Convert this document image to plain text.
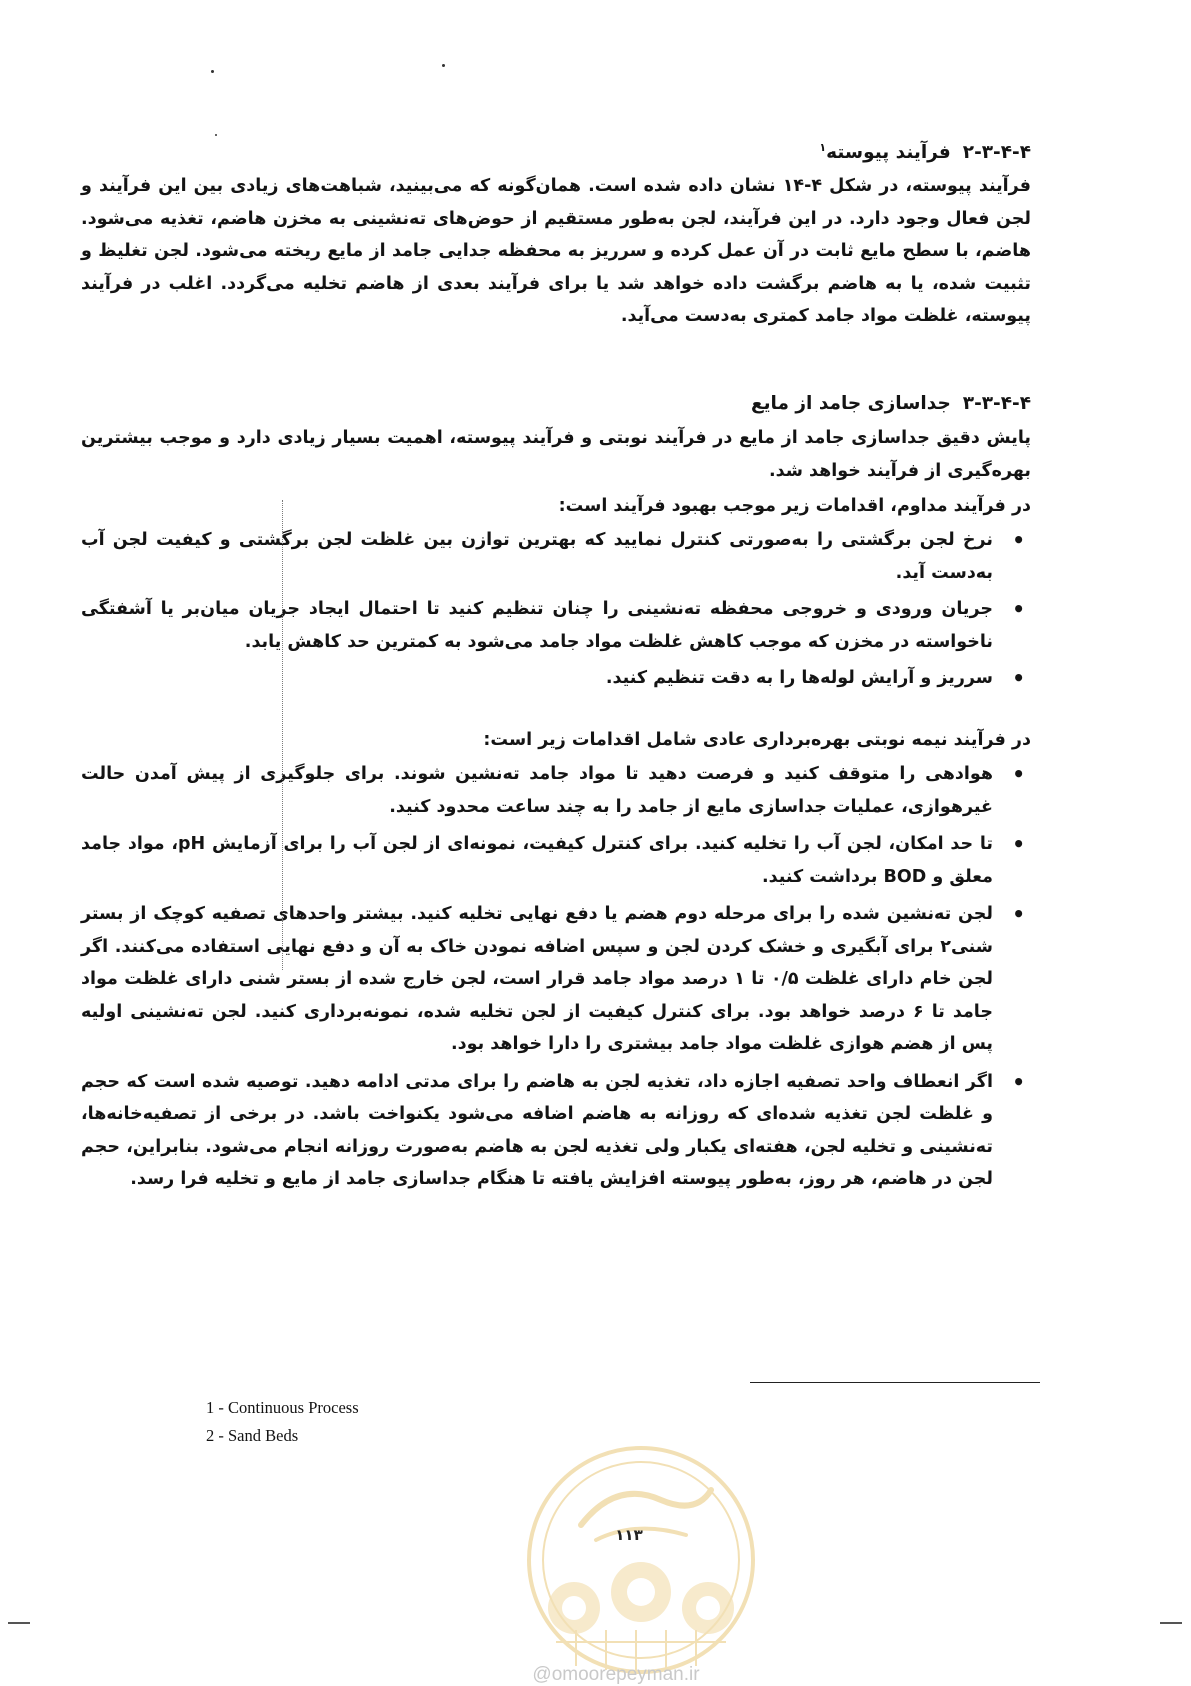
۲-۳-۴-۴فرآیند پیوسته$^۱$
فرآیند پیوسته، در شکل ۴-۱۴ نشان داده شده است. همان‌گونه که می‌بینید، شباهت‌های زیادی بین این فرآیند و لجن فعال وجود دارد. در این فرآیند، لجن به‌طور مستقیم از حوض‌های ته‌نشینی به مخزن هاضم، تغذیه می‌شود. هاضم، با سطح مایع ثابت در آن عمل کرده و سرریز به محفظه جدایی جامد از مایع ریخته می‌شود. لجن تغلیظ و تثبیت شده، یا به هاضم برگشت داده خواهد شد یا برای فرآیند بعدی از هاضم تخلیه می‌گردد. اغلب در فرآیند پیوسته، غلظت مواد جامد کمتری به‌دست می‌آید.
۳-۳-۴-۴جداسازی جامد از مایع
پایش دقیق جداسازی جامد از مایع در فرآیند نوبتی و فرآیند پیوسته، اهمیت بسیار زیادی دارد و موجب بیشترین بهره‌گیری از فرآیند خواهد شد.
در فرآیند مداوم، اقدامات زیر موجب بهبود فرآیند است:
•
نرخ لجن برگشتی را به‌صورتی کنترل نمایید که بهترین توازن بین غلظت لجن برگشتی و کیفیت لجن آب به‌دست آید.
•
جریان ورودی و خروجی محفظه ته‌نشینی را چنان تنظیم کنید تا احتمال ایجاد جریان میان‌بر یا آشفتگی ناخواسته در مخزن که موجب کاهش غلظت مواد جامد می‌شود به کمترین حد کاهش یابد.
•
سرریز و آرایش لوله‌ها را به دقت تنظیم کنید.
در فرآیند نیمه نوبتی بهره‌برداری عادی شامل اقدامات زیر است:
•
هوادهی را متوقف کنید و فرصت دهید تا مواد جامد ته‌نشین شوند. برای جلوگیری از پیش آمدن حالت غیرهوازی، عملیات جداسازی مایع از جامد را به چند ساعت محدود کنید.
•
تا حد امکان، لجن آب را تخلیه کنید. برای کنترل کیفیت، نمونه‌ای از لجن آب را برای آزمایش pH، مواد جامد معلق و BOD برداشت کنید.
•
لجن ته‌نشین شده را برای مرحله دوم هضم یا دفع نهایی تخلیه کنید. بیشتر واحدهای تصفیه کوچک از بستر شنی۲ برای آبگیری و خشک کردن لجن و سپس اضافه نمودن خاک به آن و دفع نهایی استفاده می‌کنند. اگر لجن خام دارای غلظت ۰/۵ تا ۱ درصد مواد جامد قرار است، لجن خارج شده از بستر شنی دارای غلظت مواد جامد تا ۶ درصد خواهد بود. برای کنترل کیفیت از لجن تخلیه شده، نمونه‌برداری کنید. لجن ته‌نشینی اولیه پس از هضم هوازی غلظت مواد جامد بیشتری را دارا خواهد بود.
•
اگر انعطاف واحد تصفیه اجازه داد، تغذیه لجن به هاضم را برای مدتی ادامه دهید. توصیه شده است که حجم و غلظت لجن تغذیه شده‌ای که روزانه به هاضم اضافه می‌شود یکنواخت باشد. در برخی از تصفیه‌خانه‌ها، ته‌نشینی و تخلیه لجن، هفته‌ای یکبار ولی تغذیه لجن به هاضم به‌صورت روزانه انجام می‌شود. بنابراین، حجم لجن در هاضم، هر روز، به‌طور پیوسته افزایش یافته تا هنگام جداسازی جامد از مایع و تخلیه فرا رسد.
1 - Continuous Process
2 - Sand Beds
۱۱۳
@omoorepeyman.ir
